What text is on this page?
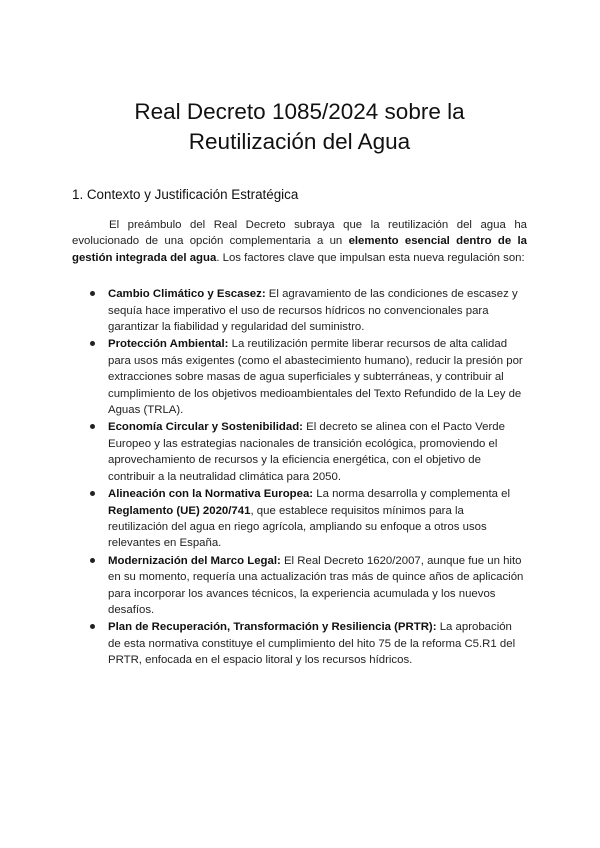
Real Decreto 1085/2024 sobre la
Reutilización del Agua
1. Contexto y Justificación Estratégica

El preámbulo del Real Decreto subraya que la reutilización del agua ha evolucionado de una opción complementaria a un elemento esencial dentro de la gestión integrada del agua. Los factores clave que impulsan esta nueva regulación son:

Cambio Climático y Escasez: El agravamiento de las condiciones de escasez y sequía hace imperativo el uso de recursos hídricos no convencionales para garantizar la fiabilidad y regularidad del suministro.
Protección Ambiental: La reutilización permite liberar recursos de alta calidad para usos más exigentes (como el abastecimiento humano), reducir la presión por extracciones sobre masas de agua superficiales y subterráneas, y contribuir al cumplimiento de los objetivos medioambientales del Texto Refundido de la Ley de Aguas (TRLA).
Economía Circular y Sostenibilidad: El decreto se alinea con el Pacto Verde Europeo y las estrategias nacionales de transición ecológica, promoviendo el aprovechamiento de recursos y la eficiencia energética, con el objetivo de contribuir a la neutralidad climática para 2050.
Alineación con la Normativa Europea: La norma desarrolla y complementa el Reglamento (UE) 2020/741, que establece requisitos mínimos para la reutilización del agua en riego agrícola, ampliando su enfoque a otros usos relevantes en España.
Modernización del Marco Legal: El Real Decreto 1620/2007, aunque fue un hito en su momento, requería una actualización tras más de quince años de aplicación para incorporar los avances técnicos, la experiencia acumulada y los nuevos desafíos.
Plan de Recuperación, Transformación y Resiliencia (PRTR): La aprobación de esta normativa constituye el cumplimiento del hito 75 de la reforma C5.R1 del PRTR, enfocada en el espacio litoral y los recursos hídricos.
